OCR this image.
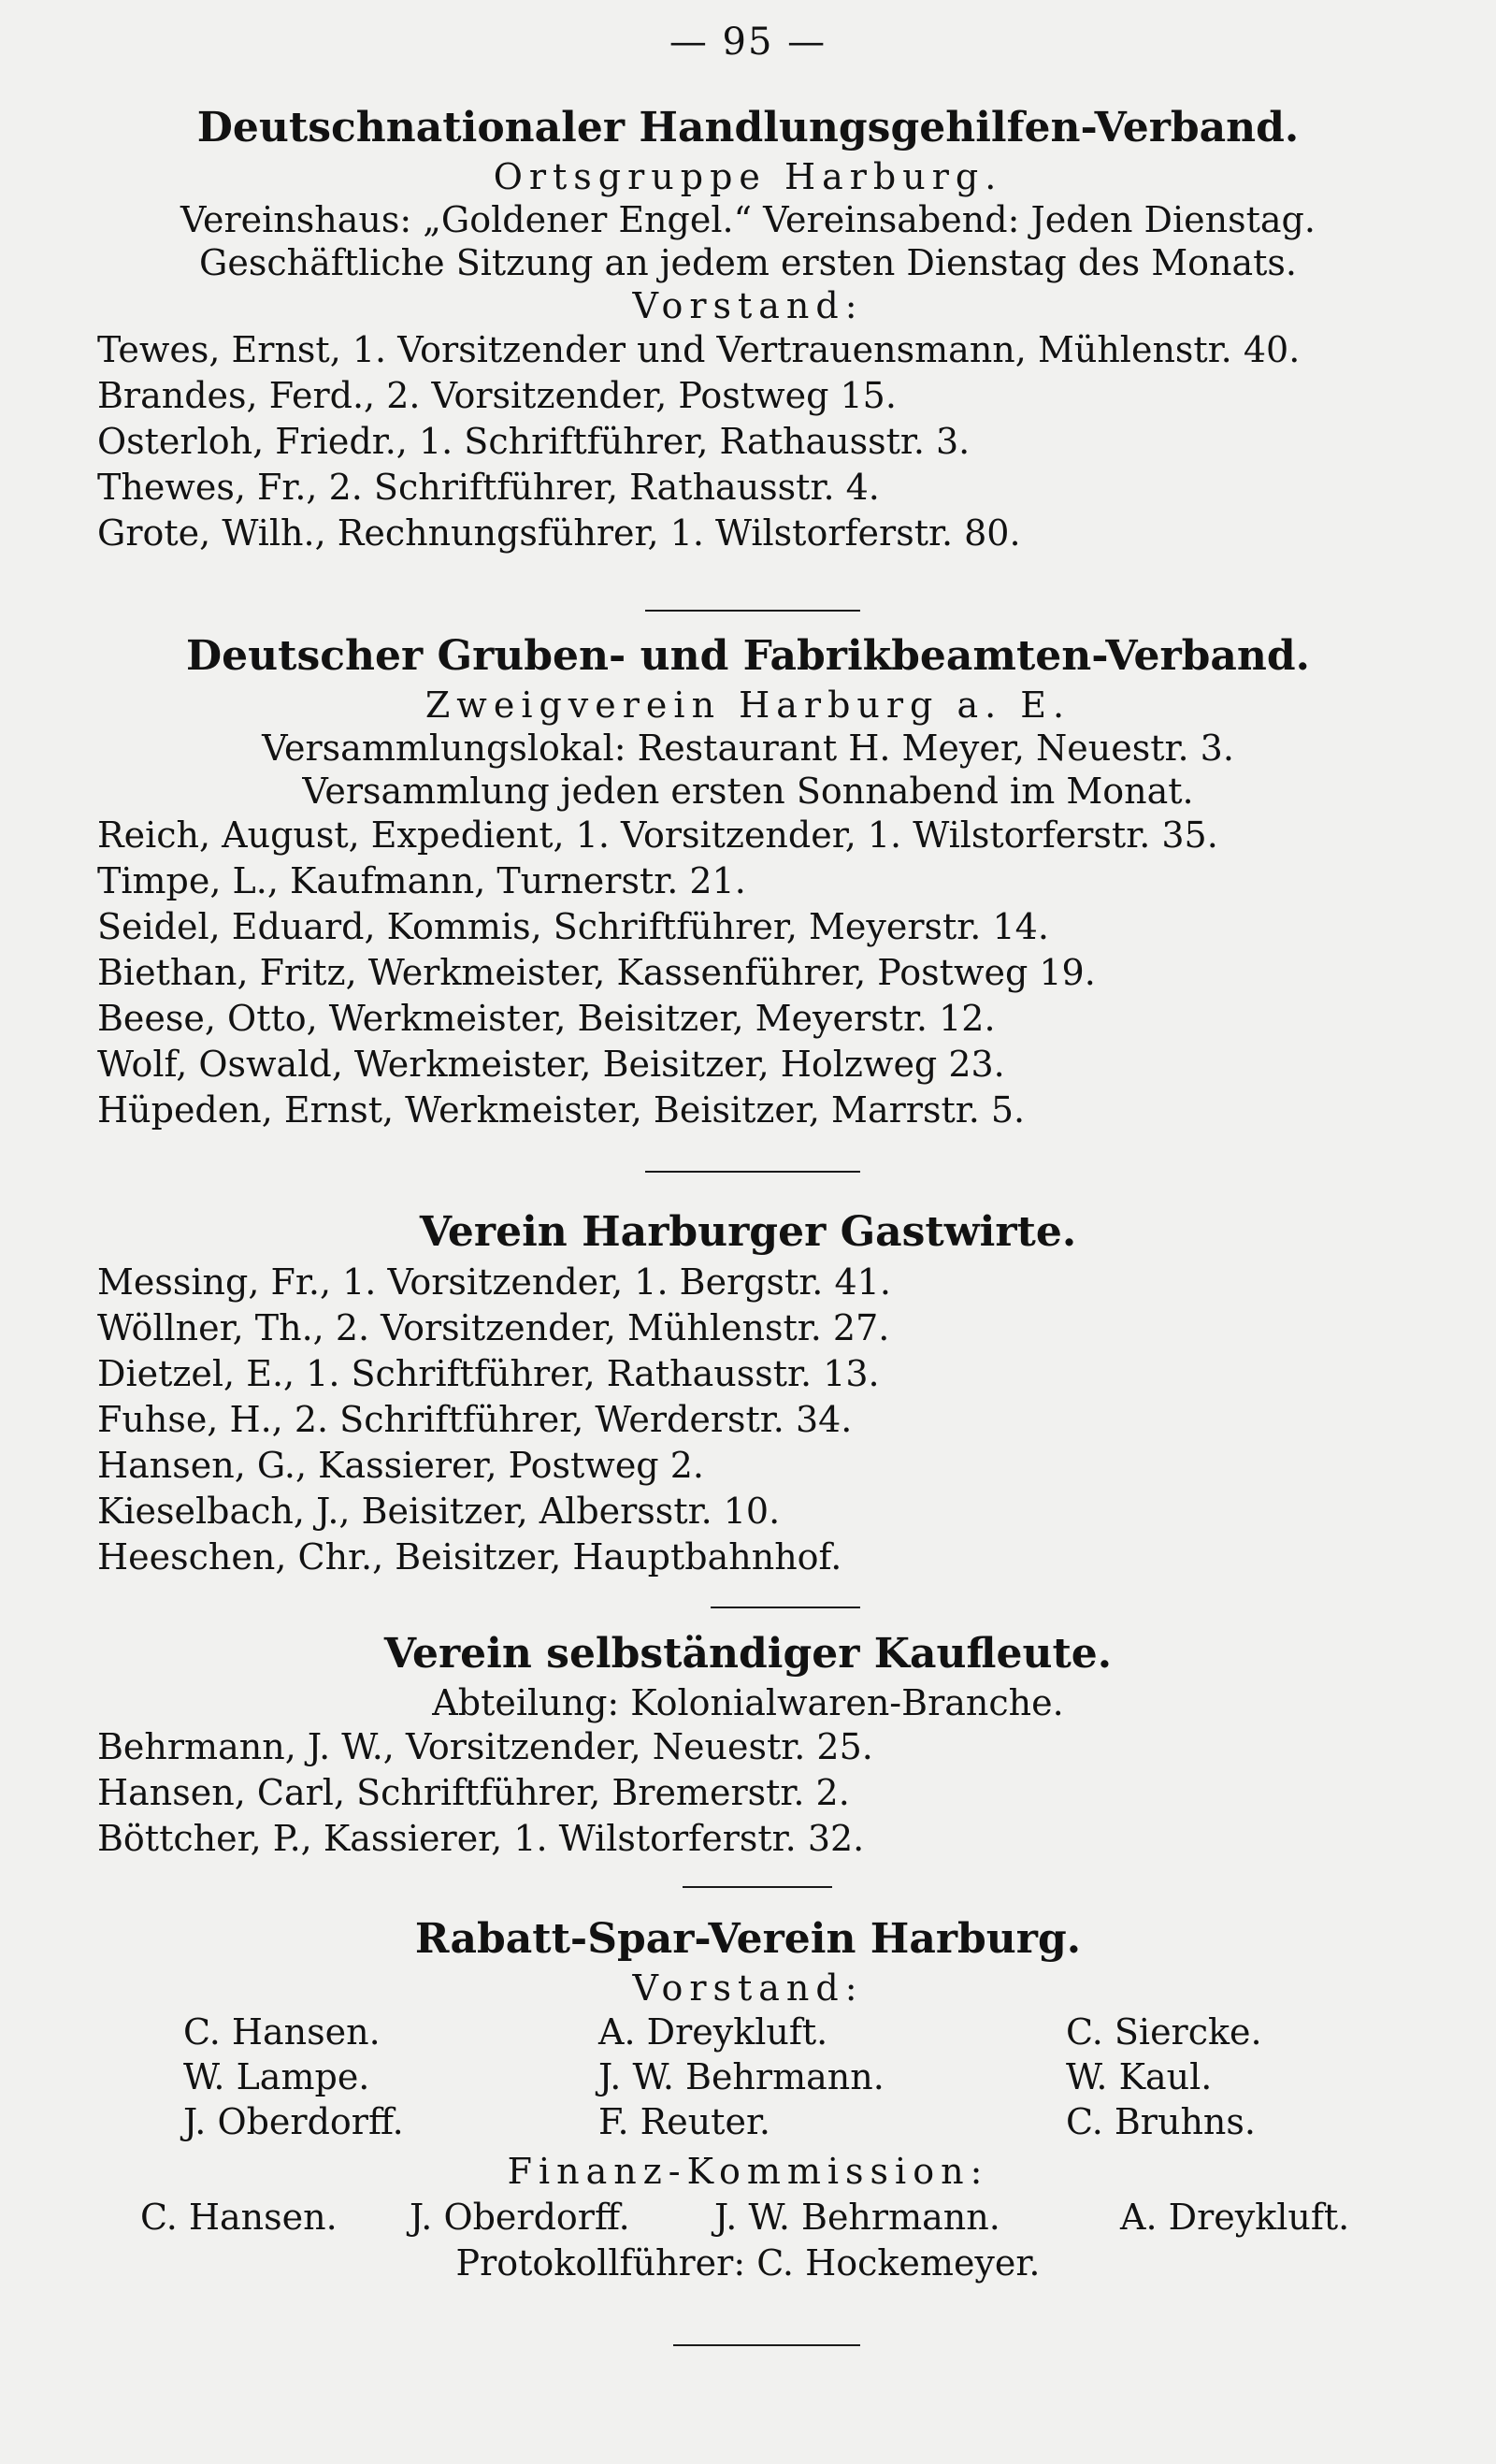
— 95 —
Deutschnationaler Handlungsgehilfen-Verband.
Ortsgruppe Harburg.
Vereinshaus: „Goldener Engel.“ Vereinsabend: Jeden Dienstag.
Geschäftliche Sitzung an jedem ersten Dienstag des Monats.
Vorstand:
Tewes, Ernst, 1. Vorsitzender und Vertrauensmann, Mühlenstr. 40.
Brandes, Ferd., 2. Vorsitzender, Postweg 15.
Osterloh, Friedr., 1. Schriftführer, Rathausstr. 3.
Thewes, Fr., 2. Schriftführer, Rathausstr. 4.
Grote, Wilh., Rechnungsführer, 1. Wilstorferstr. 80.
Deutscher Gruben- und Fabrikbeamten-Verband.
Zweigverein Harburg a. E.
Versammlungslokal: Restaurant H. Meyer, Neuestr. 3.
Versammlung jeden ersten Sonnabend im Monat.
Reich, August, Expedient, 1. Vorsitzender, 1. Wilstorferstr. 35.
Timpe, L., Kaufmann, Turnerstr. 21.
Seidel, Eduard, Kommis, Schriftführer, Meyerstr. 14.
Biethan, Fritz, Werkmeister, Kassenführer, Postweg 19.
Beese, Otto, Werkmeister, Beisitzer, Meyerstr. 12.
Wolf, Oswald, Werkmeister, Beisitzer, Holzweg 23.
Hüpeden, Ernst, Werkmeister, Beisitzer, Marrstr. 5.
Verein Harburger Gastwirte.
Messing, Fr., 1. Vorsitzender, 1. Bergstr. 41.
Wöllner, Th., 2. Vorsitzender, Mühlenstr. 27.
Dietzel, E., 1. Schriftführer, Rathausstr. 13.
Fuhse, H., 2. Schriftführer, Werderstr. 34.
Hansen, G., Kassierer, Postweg 2.
Kieselbach, J., Beisitzer, Albersstr. 10.
Heeschen, Chr., Beisitzer, Hauptbahnhof.
Verein selbständiger Kaufleute.
Abteilung: Kolonialwaren-Branche.
Behrmann, J. W., Vorsitzender, Neuestr. 25.
Hansen, Carl, Schriftführer, Bremerstr. 2.
Böttcher, P., Kassierer, 1. Wilstorferstr. 32.
Rabatt-Spar-Verein Harburg.
Vorstand:
C. Hansen.	A. Dreykluft.	C. Siercke.
W. Lampe.	J. W. Behrmann.	W. Kaul.
J. Oberdorff.	F. Reuter.	C. Bruhns.
Finanz-Kommission:
C. Hansen. J. Oberdorff. J. W. Behrmann.	A. Dreykluft.
Protokollführer: C. Hockemeyer.
